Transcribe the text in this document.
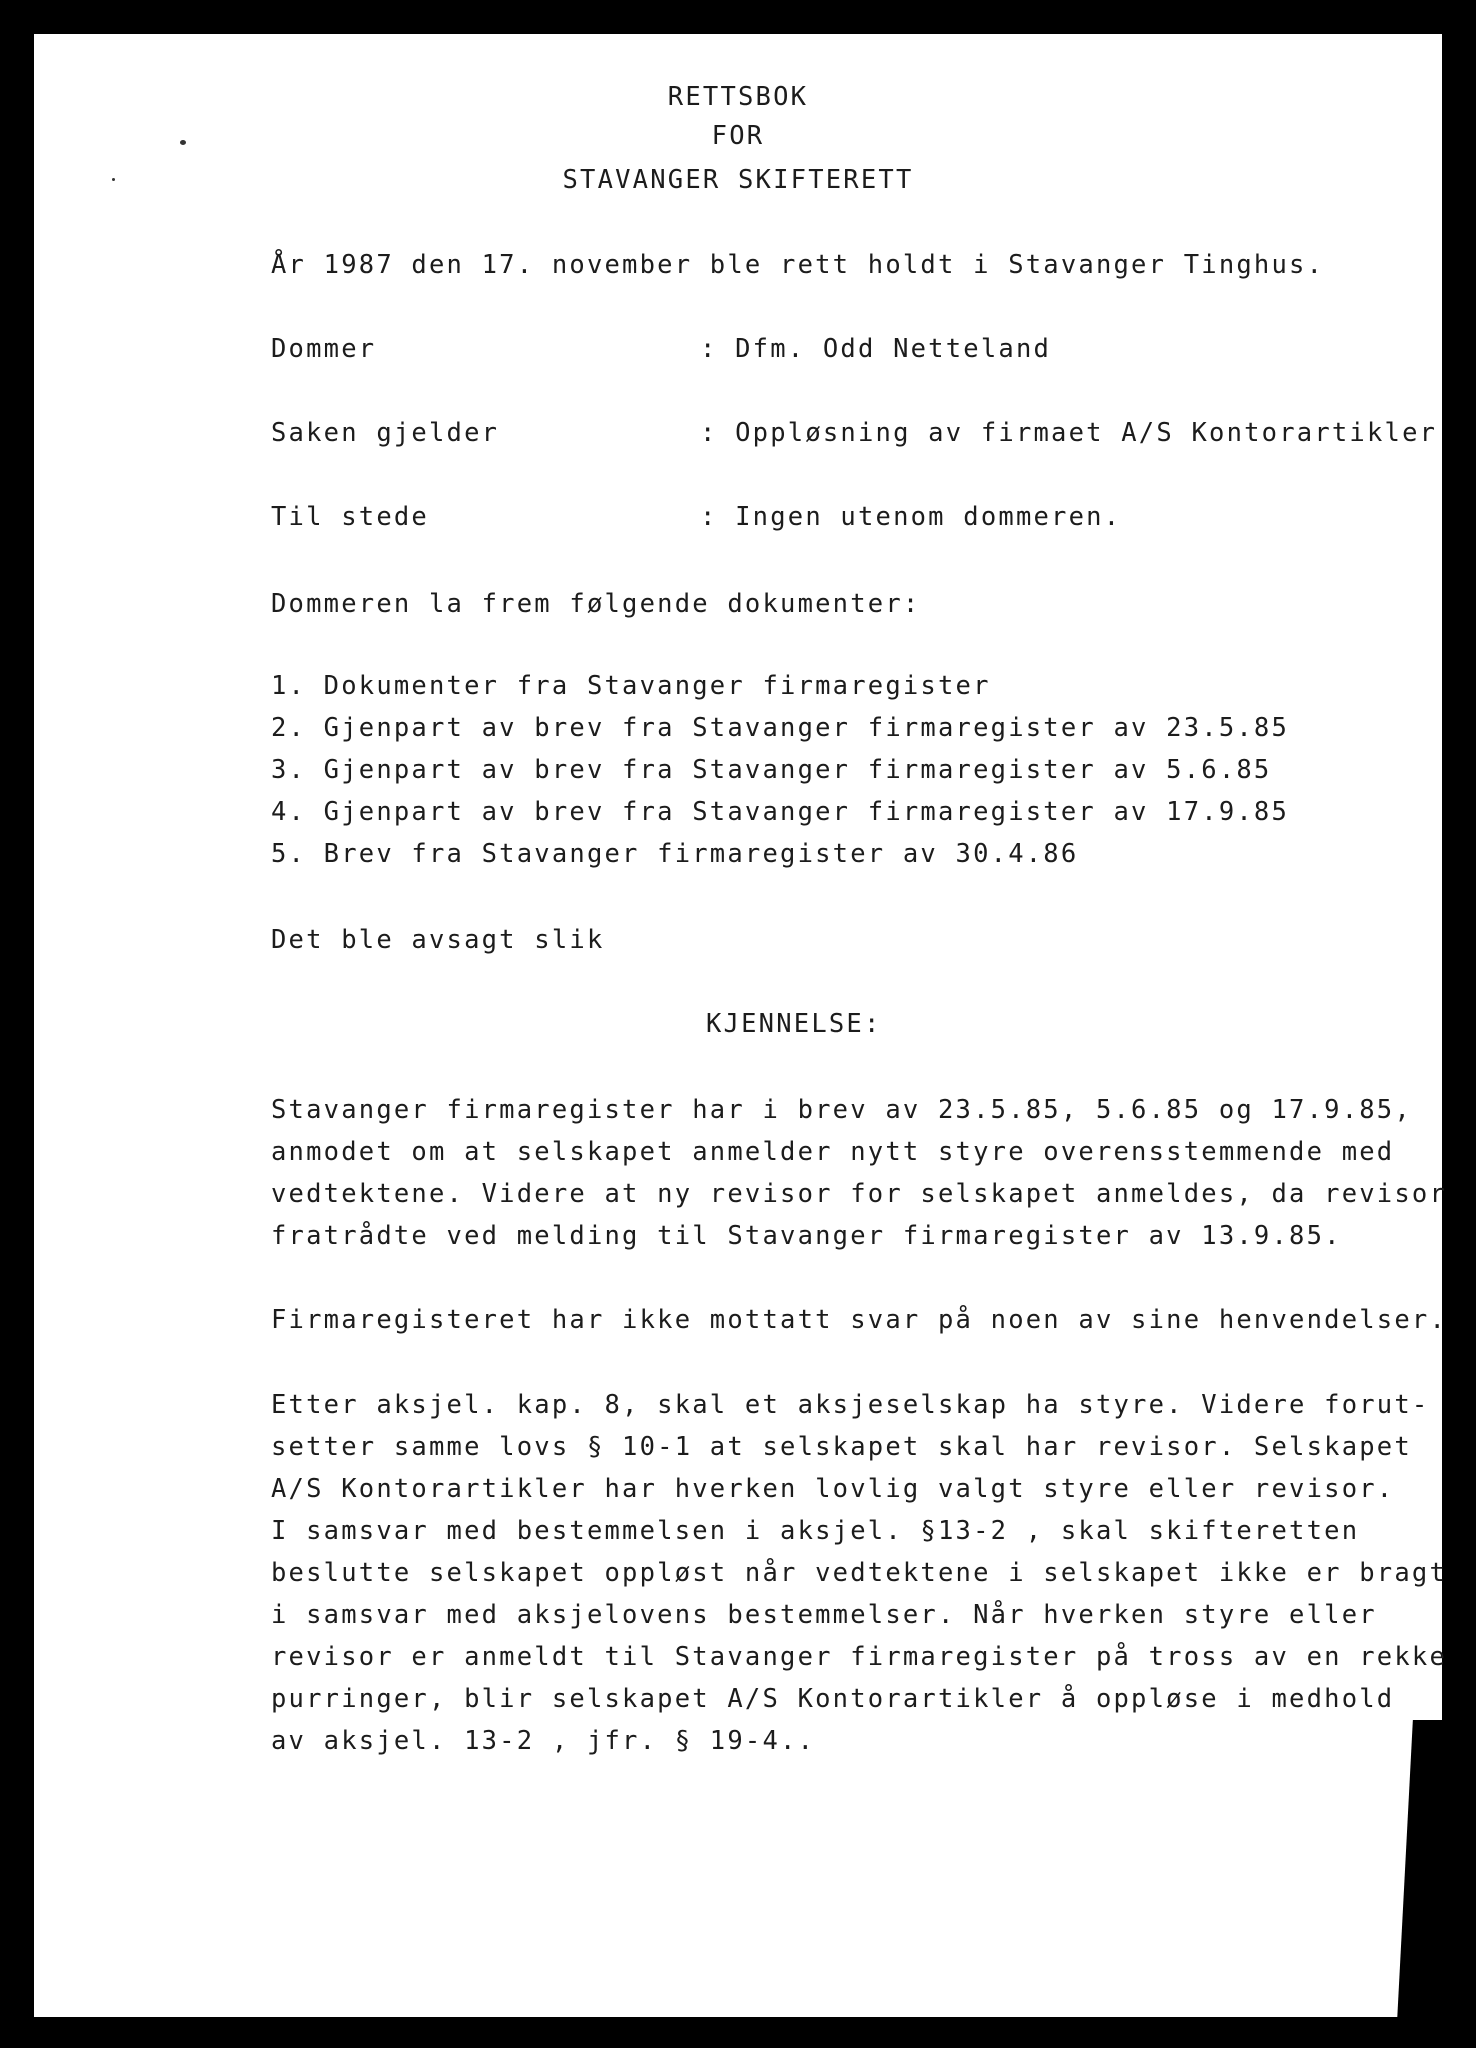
RETTSBOK
FOR
STAVANGER SKIFTERETT
År 1987 den 17. november ble rett holdt i Stavanger Tinghus.
Dommer	: Dfm. Odd Netteland
Saken gjelder	: Oppløsning av firmaet A/S Kontorartikler
Til stede	: Ingen utenom dommeren.
Dommeren la frem følgende dokumenter:
1. Dokumenter fra Stavanger firmaregister
2. Gjenpart av brev fra Stavanger firmaregister av 23.5.85
3. Gjenpart av brev fra Stavanger firmaregister av 5.6.85
4. Gjenpart av brev fra Stavanger firmaregister av 17.9.85
5. Brev fra Stavanger firmaregister av 30.4.86
Det ble avsagt slik
KJENNELSE:
Stavanger firmaregister har i brev av 23.5.85, 5.6.85 og 17.9.85,
anmodet om at selskapet anmelder nytt styre overensstemmende med
vedtektene. Videre at ny revisor for selskapet anmeldes, da revisor
fratrådte ved melding til Stavanger firmaregister av 13.9.85.
Firmaregisteret har ikke mottatt svar på noen av sine henvendelser.
Etter aksjel. kap. 8, skal et aksjeselskap ha styre. Videre forut-
setter samme lovs § 10-1 at selskapet skal har revisor. Selskapet
A/S Kontorartikler har hverken lovlig valgt styre eller revisor.
I samsvar med bestemmelsen i aksjel. §13-2 , skal skifteretten
beslutte selskapet oppløst når vedtektene i selskapet ikke er bragt
i samsvar med aksjelovens bestemmelser. Når hverken styre eller
revisor er anmeldt til Stavanger firmaregister på tross av en rekke
purringer, blir selskapet A/S Kontorartikler å oppløse i medhold
av aksjel. 13-2 , jfr. § 19-4..
